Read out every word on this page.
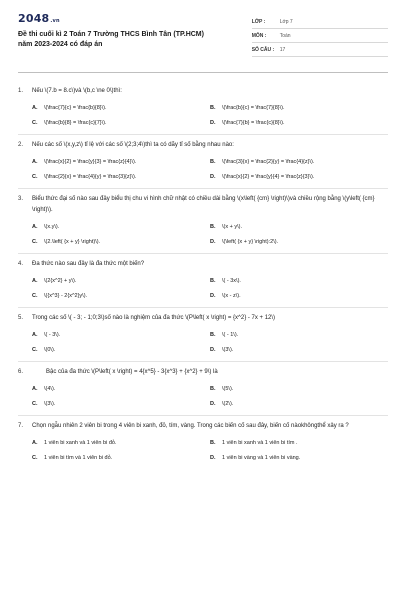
2048.vn
Đề thi cuối kì 2 Toán 7 Trường THCS Bình Tân (TP.HCM)
năm 2023-2024 có đáp án
LỚP :	Lớp 7
MÔN :	Toán
SỐ CÂU :	17
1.	Nếu \(7.b = 8.c\)và \(b,c \ne 0\)thì:
A.	\(\frac{7}{c} = \frac{b}{8}\).	B.	\(\frac{b}{c} = \frac{7}{8}\).
C.	\(\frac{b}{8} = \frac{c}{7}\).	D.	\(\frac{7}{b} = \frac{c}{8}\).
2.	Nếu các số \(x,y,z\) tỉ lệ với các số \(2;3;4\)thì ta có dãy tỉ số bằng nhau nào:
A.	\(\frac{x}{2} = \frac{y}{3} = \frac{z}{4}\).	B.	\(\frac{3}{x} = \frac{2}{y} = \frac{4}{z}\).
C.	\(\frac{2}{x} = \frac{4}{y} = \frac{3}{z}\).	D.	\(\frac{x}{2} = \frac{y}{4} = \frac{z}{3}\).
3.	Biểu thức đại số nào sau đây biểu thị chu vi hình chữ nhật có chiều dài bằng \(x\left( {cm} \right)\)và chiều rộng bằng \(y\left( {cm} \right)\).
A.	\(x.y\).	B.	\(x + y\).
C.	\(2.\left( {x + y} \right)\).	D.	\(\left( {x + y} \right):2\).
4.	Đa thức nào sau đây là đa thức một biến?
A.	\(2{x^2} + y\).	B.	\( - 3x\).
C.	\({x^3} - 2{x^2}y\).	D.	\(x - z\).
5.	Trong các số \( - 3; - 1;0;3\)số nào là nghiệm của đa thức \(P\left( x \right) = {x^2} - 7x + 12\)
A.	\( - 3\).	B.	\( - 1\).
C.	\(0\).	D.	\(3\).
6.	Bậc của đa thức \(P\left( x \right) = 4{x^5} - 3{x^3} + {x^2} + 9\) là
A.	\(4\).	B.	\(5\).
C.	\(3\).	D.	\(2\).
7.	Chọn ngẫu nhiên 2 viên bi trong 4 viên bi xanh, đỏ, tím, vàng. Trong các biến cố sau đây, biến cố nàokhôngthể xảy ra ?
A.	1 viên bi xanh và 1 viên bi đỏ.	B.	1 viên bi xanh và 1 viên bi tím .
C.	1 viên bi tím và 1 viên bi đỏ.	D.	1 viên bi vàng và 1 viên bi vàng.
